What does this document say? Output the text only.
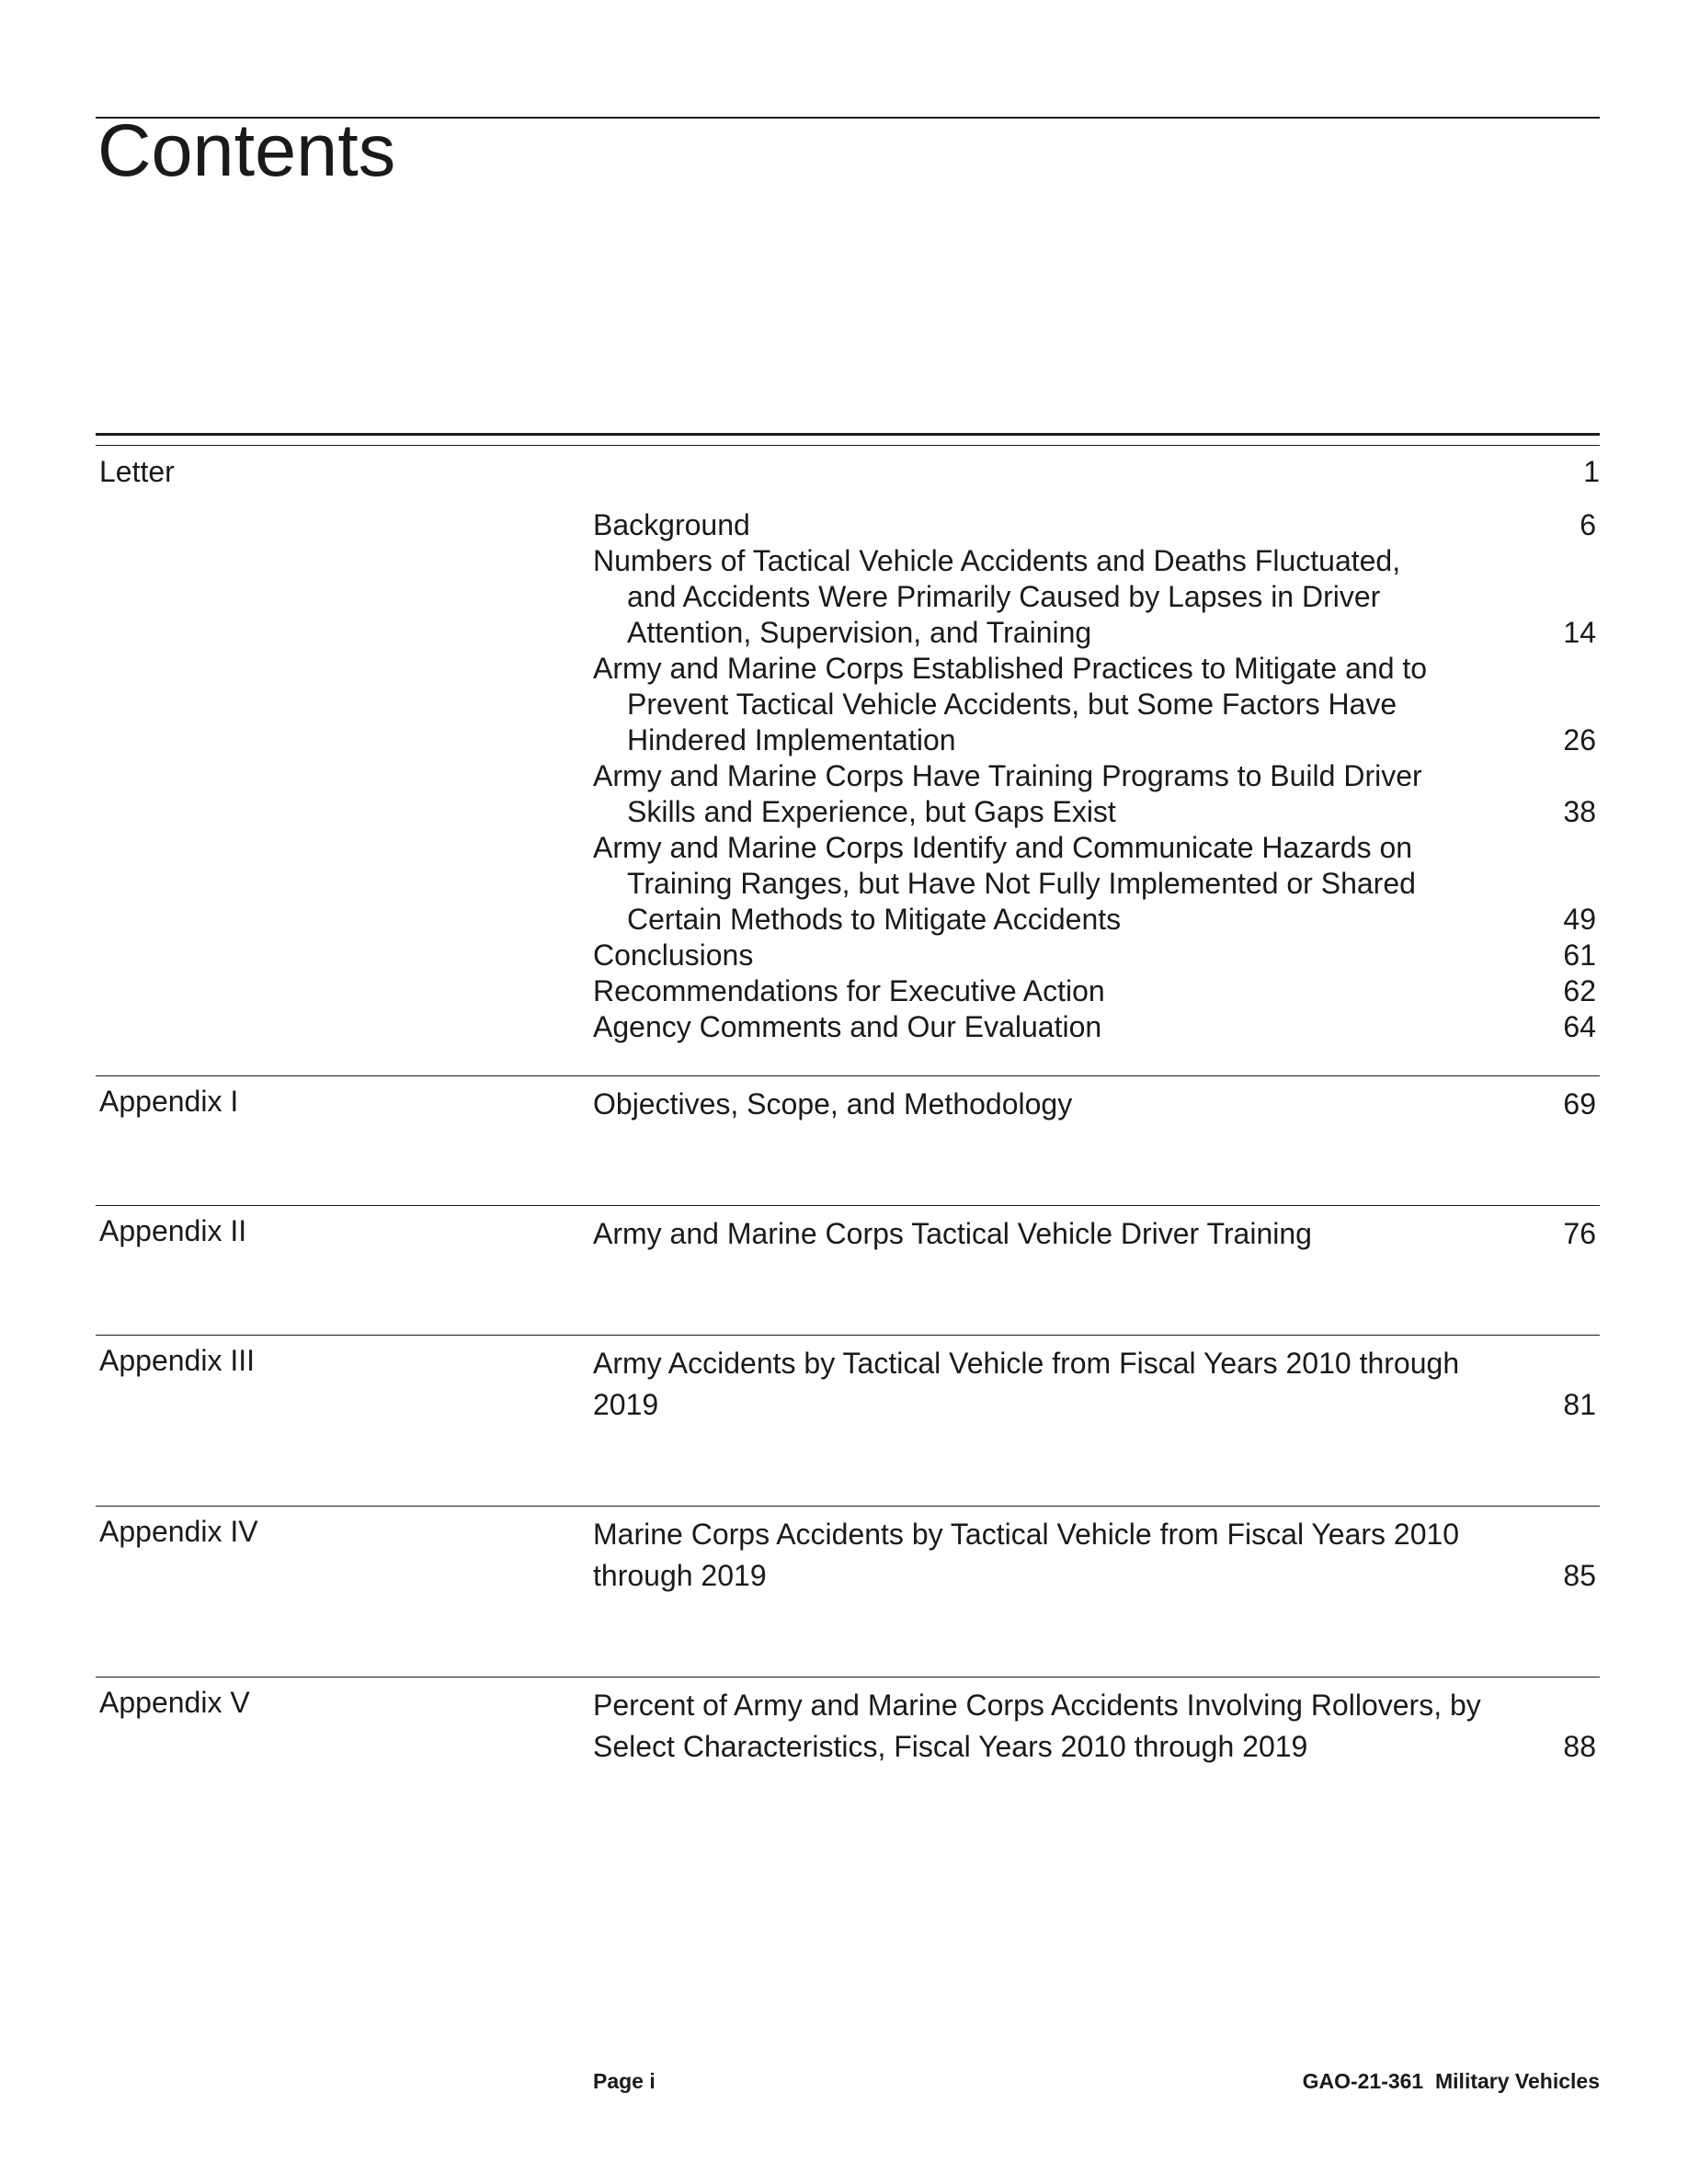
Contents
Letter	1
Background	6
Numbers of Tactical Vehicle Accidents and Deaths Fluctuated,
and Accidents Were Primarily Caused by Lapses in Driver
Attention, Supervision, and Training	14
Army and Marine Corps Established Practices to Mitigate and to
Prevent Tactical Vehicle Accidents, but Some Factors Have
Hindered Implementation	26
Army and Marine Corps Have Training Programs to Build Driver
Skills and Experience, but Gaps Exist	38
Army and Marine Corps Identify and Communicate Hazards on
Training Ranges, but Have Not Fully Implemented or Shared
Certain Methods to Mitigate Accidents	49
Conclusions	61
Recommendations for Executive Action	62
Agency Comments and Our Evaluation	64
Appendix I	Objectives, Scope, and Methodology	69
Appendix II	Army and Marine Corps Tactical Vehicle Driver Training	76
Appendix III	Army Accidents by Tactical Vehicle from Fiscal Years 2010 through
2019	81
Appendix IV	Marine Corps Accidents by Tactical Vehicle from Fiscal Years 2010
through 2019	85
Appendix V	Percent of Army and Marine Corps Accidents Involving Rollovers, by
Select Characteristics, Fiscal Years 2010 through 2019	88
Page i	GAO-21-361  Military Vehicles
